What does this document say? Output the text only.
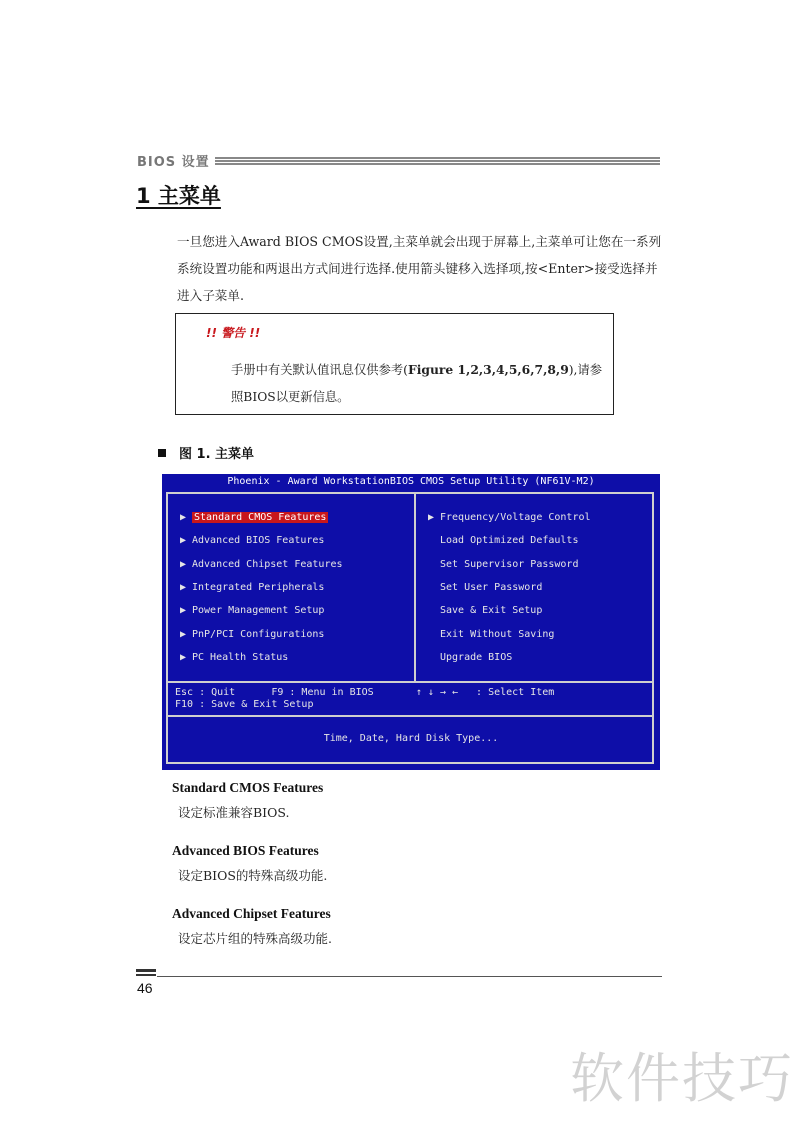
BIOS 设置
1 主菜单
一旦您进入Award BIOS CMOS设置,主菜单就会出现于屏幕上,主菜单可让您在一系列系统设置功能和两退出方式间进行选择.使用箭头键移入选择项,按<Enter>接受选择并进入子菜单.
!! 警告 !!
手册中有关默认值讯息仅供参考(Figure 1,2,3,4,5,6,7,8,9),请参照BIOS以更新信息。
图 1. 主菜单
Phoenix - Award WorkstationBIOS CMOS Setup Utility (NF61V-M2)
▶ Standard CMOS Features
▶ Advanced BIOS Features
▶ Advanced Chipset Features
▶ Integrated Peripherals
▶ Power Management Setup
▶ PnP/PCI Configurations
▶ PC Health Status
▶ Frequency/Voltage Control
Load Optimized Defaults
Set Supervisor Password
Set User Password
Save & Exit Setup
Exit Without Saving
Upgrade BIOS
Esc : Quit      F9 : Menu in BIOS       ↑ ↓ → ←   : Select Item
F10 : Save & Exit Setup
Time, Date, Hard Disk Type...
Standard CMOS Features
设定标准兼容BIOS.
Advanced BIOS Features
设定BIOS的特殊高级功能.
Advanced Chipset Features
设定芯片组的特殊高级功能.
46
软件技巧
